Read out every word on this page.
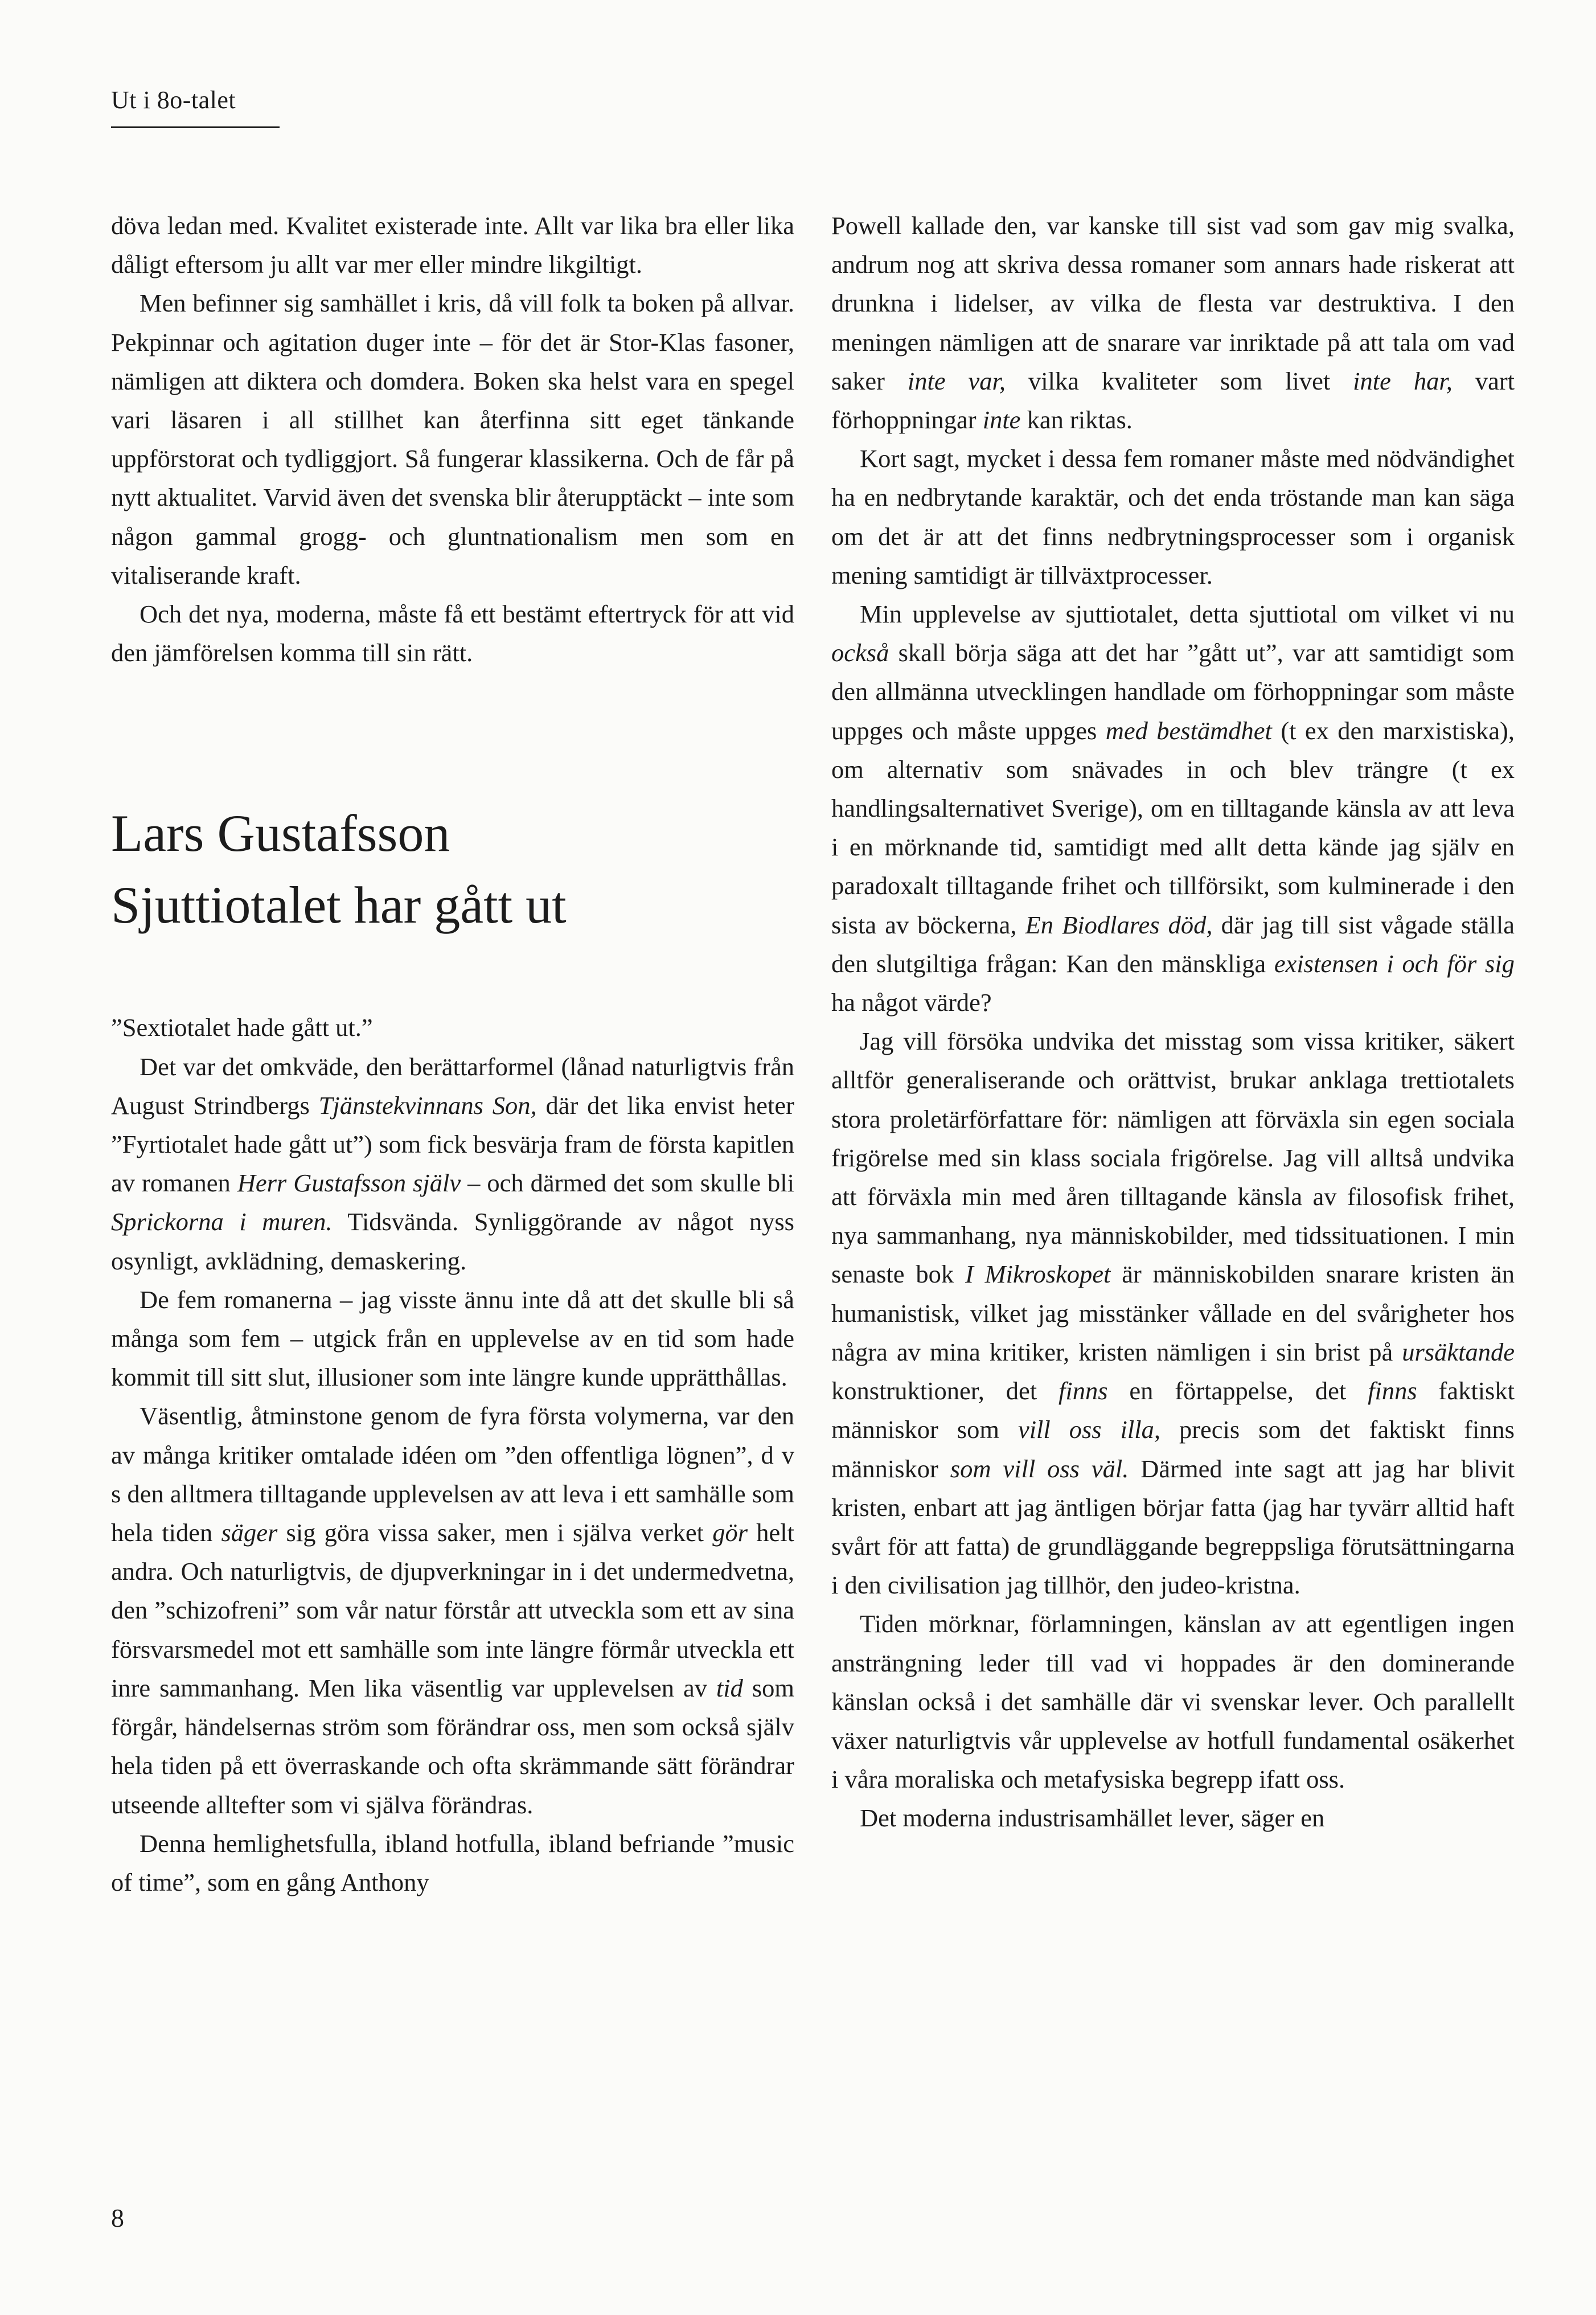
Ut i 8o-talet

döva ledan med. Kvalitet existerade inte. Allt var lika bra eller lika dåligt eftersom ju allt var mer eller mindre likgiltigt.

Men befinner sig samhället i kris, då vill folk ta boken på allvar. Pekpinnar och agitation duger inte – för det är Stor-Klas fasoner, nämligen att diktera och domdera. Boken ska helst vara en spegel vari läsaren i all stillhet kan återfinna sitt eget tänkande uppförstorat och tydliggjort. Så fungerar klassikerna. Och de får på nytt aktualitet. Varvid även det svenska blir återupptäckt – inte som någon gammal grogg- och gluntnationalism men som en vitaliserande kraft.

Och det nya, moderna, måste få ett bestämt eftertryck för att vid den jämförelsen komma till sin rätt.

Lars Gustafsson
Sjuttiotalet har gått ut

”Sextiotalet hade gått ut.”

Det var det omkväde, den berättarformel (lånad naturligtvis från August Strindbergs Tjänstekvinnans Son, där det lika envist heter ”Fyrtiotalet hade gått ut”) som fick besvärja fram de första kapitlen av romanen Herr Gustafsson själv – och därmed det som skulle bli Sprickorna i muren. Tidsvända. Synliggörande av något nyss osynligt, avklädning, demaskering.

De fem romanerna – jag visste ännu inte då att det skulle bli så många som fem – utgick från en upplevelse av en tid som hade kommit till sitt slut, illusioner som inte längre kunde upprätthållas.

Väsentlig, åtminstone genom de fyra första volymerna, var den av många kritiker omtalade idéen om ”den offentliga lögnen”, d v s den alltmera tilltagande upplevelsen av att leva i ett samhälle som hela tiden säger sig göra vissa saker, men i själva verket gör helt andra. Och naturligtvis, de djupverkningar in i det undermedvetna, den ”schizofreni” som vår natur förstår att utveckla som ett av sina försvarsmedel mot ett samhälle som inte längre förmår utveckla ett inre sammanhang. Men lika väsentlig var upplevelsen av tid som förgår, händelsernas ström som förändrar oss, men som också själv hela tiden på ett överraskande och ofta skrämmande sätt förändrar utseende alltefter som vi själva förändras.

Denna hemlighetsfulla, ibland hotfulla, ibland befriande ”music of time”, som en gång Anthony

Powell kallade den, var kanske till sist vad som gav mig svalka, andrum nog att skriva dessa romaner som annars hade riskerat att drunkna i lidelser, av vilka de flesta var destruktiva. I den meningen nämligen att de snarare var inriktade på att tala om vad saker inte var, vilka kvaliteter som livet inte har, vart förhoppningar inte kan riktas.

Kort sagt, mycket i dessa fem romaner måste med nödvändighet ha en nedbrytande karaktär, och det enda tröstande man kan säga om det är att det finns nedbrytningsprocesser som i organisk mening samtidigt är tillväxtprocesser.

Min upplevelse av sjuttiotalet, detta sjuttiotal om vilket vi nu också skall börja säga att det har ”gått ut”, var att samtidigt som den allmänna utvecklingen handlade om förhoppningar som måste uppges och måste uppges med bestämdhet (t ex den marxistiska), om alternativ som snävades in och blev trängre (t ex handlingsalternativet Sverige), om en tilltagande känsla av att leva i en mörknande tid, samtidigt med allt detta kände jag själv en paradoxalt tilltagande frihet och tillförsikt, som kulminerade i den sista av böckerna, En Biodlares död, där jag till sist vågade ställa den slutgiltiga frågan: Kan den mänskliga existensen i och för sig ha något värde?

Jag vill försöka undvika det misstag som vissa kritiker, säkert alltför generaliserande och orättvist, brukar anklaga trettiotalets stora proletärförfattare för: nämligen att förväxla sin egen sociala frigörelse med sin klass sociala frigörelse. Jag vill alltså undvika att förväxla min med åren tilltagande känsla av filosofisk frihet, nya sammanhang, nya människobilder, med tidssituationen. I min senaste bok I Mikroskopet är människobilden snarare kristen än humanistisk, vilket jag misstänker vållade en del svårigheter hos några av mina kritiker, kristen nämligen i sin brist på ursäktande konstruktioner, det finns en förtappelse, det finns faktiskt människor som vill oss illa, precis som det faktiskt finns människor som vill oss väl. Därmed inte sagt att jag har blivit kristen, enbart att jag äntligen börjar fatta (jag har tyvärr alltid haft svårt för att fatta) de grundläggande begreppsliga förutsättningarna i den civilisation jag tillhör, den judeo-kristna.

Tiden mörknar, förlamningen, känslan av att egentligen ingen ansträngning leder till vad vi hoppades är den dominerande känslan också i det samhälle där vi svenskar lever. Och parallellt växer naturligtvis vår upplevelse av hotfull fundamental osäkerhet i våra moraliska och metafysiska begrepp ifatt oss.

Det moderna industrisamhället lever, säger en

8
